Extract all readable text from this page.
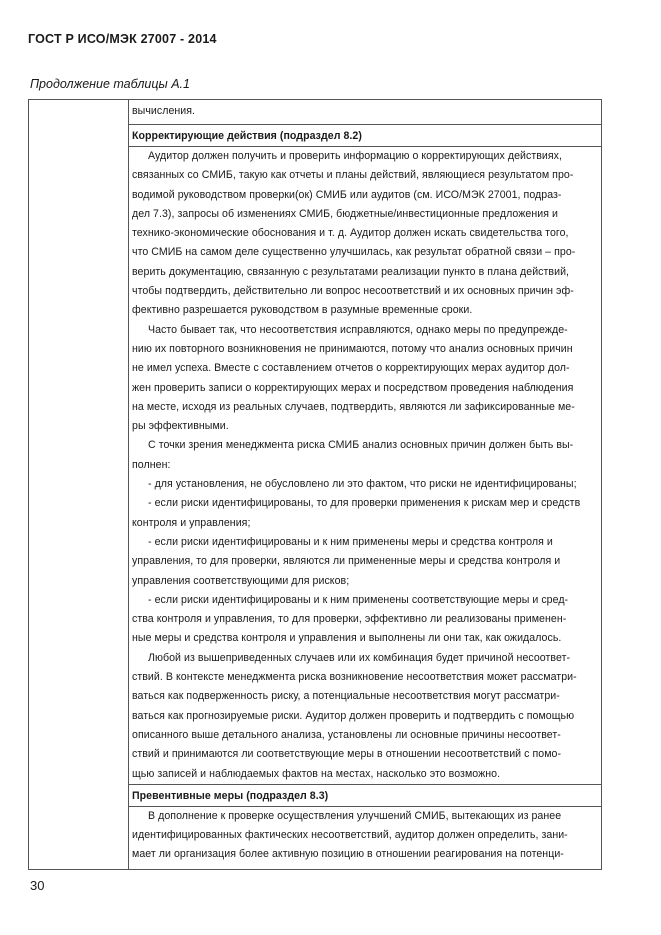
ГОСТ Р ИСО/МЭК 27007 - 2014
Продолжение таблицы А.1
вычисления.
Корректирующие действия (подраздел 8.2)
Аудитор должен получить и проверить информацию о корректирующих действиях,
связанных со СМИБ, такую как отчеты и планы действий, являющиеся результатом про-
водимой руководством проверки(ок) СМИБ или аудитов (см. ИСО/МЭК 27001, подраз-
дел 7.3), запросы об изменениях СМИБ, бюджетные/инвестиционные предложения и
технико-экономические обоснования и т. д. Аудитор должен искать свидетельства того,
что СМИБ на самом деле существенно улучшилась, как результат обратной связи – про-
верить документацию, связанную с результатами реализации пункто в плана действий,
чтобы подтвердить, действительно ли вопрос несоответствий и их основных причин эф-
фективно разрешается руководством в разумные временные сроки.
Часто бывает так, что несоответствия исправляются, однако меры по предупрежде-
нию их повторного возникновения не принимаются, потому что анализ основных причин
не имел успеха. Вместе с составлением отчетов о корректирующих мерах аудитор дол-
жен проверить записи о корректирующих мерах и посредством проведения наблюдения
на месте, исходя из реальных случаев, подтвердить, являются ли зафиксированные ме-
ры эффективными.
С точки зрения менеджмента риска СМИБ анализ основных причин должен быть вы-
полнен:
- для установления, не обусловлено ли это фактом, что риски не идентифицированы;
- если риски идентифицированы, то для проверки применения к рискам мер и средств
контроля и управления;
- если риски идентифицированы и к ним применены меры и средства контроля и
управления, то для проверки, являются ли примененные меры и средства контроля и
управления соответствующими для рисков;
- если риски идентифицированы и к ним применены соответствующие меры и сред-
ства контроля и управления, то для проверки, эффективно ли реализованы применен-
ные меры и средства контроля и управления и выполнены ли они так, как ожидалось.
Любой из вышеприведенных случаев или их комбинация будет причиной несоответ-
ствий. В контексте менеджмента риска возникновение несоответствия может рассматри-
ваться как подверженность риску, а потенциальные несоответствия могут рассматри-
ваться как прогнозируемые риски. Аудитор должен проверить и подтвердить с помощью
описанного выше детального анализа, установлены ли основные причины несоответ-
ствий и принимаются ли соответствующие меры в отношении несоответствий с помо-
щью записей и наблюдаемых фактов на местах, насколько это возможно.
Превентивные меры (подраздел 8.3)
В дополнение к проверке осуществления улучшений СМИБ, вытекающих из ранее
идентифицированных фактических несоответствий, аудитор должен определить, зани-
мает ли организация более активную позицию в отношении реагирования на потенци-
30
